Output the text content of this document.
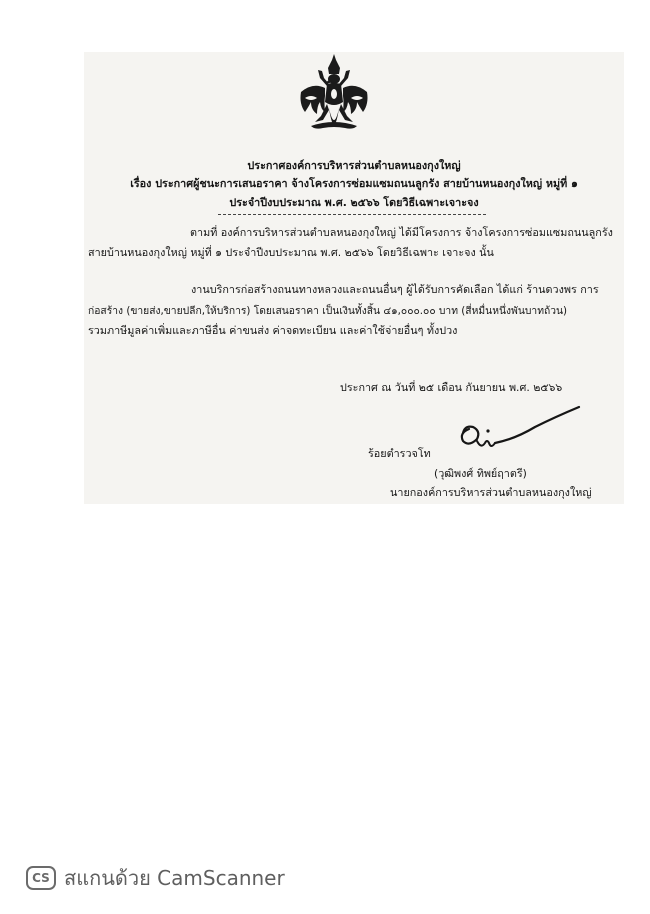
ประกาศองค์การบริหารส่วนตำบลหนองกุงใหญ่
เรื่อง ประกาศผู้ชนะการเสนอราคา จ้างโครงการซ่อมแซมถนนลูกรัง สายบ้านหนองกุงใหญ่ หมู่ที่ ๑
ประจำปีงบประมาณ พ.ศ. ๒๕๖๖ โดยวิธีเฉพาะเจาะจง
ตามที่ องค์การบริหารส่วนตำบลหนองกุงใหญ่ ได้มีโครงการ จ้างโครงการซ่อมแซมถนนลูกรัง
สายบ้านหนองกุงใหญ่ หมู่ที่ ๑ ประจำปีงบประมาณ พ.ศ. ๒๕๖๖ โดยวิธีเฉพาะ เจาะจง นั้น
งานบริการก่อสร้างถนนทางหลวงและถนนอื่นๆ ผู้ได้รับการคัดเลือก ได้แก่ ร้านดวงพร การ
ก่อสร้าง (ขายส่ง,ขายปลีก,ให้บริการ) โดยเสนอราคา เป็นเงินทั้งสิ้น ๔๑,๐๐๐.๐๐ บาท (สี่หมื่นหนึ่งพันบาทถ้วน)
รวมภาษีมูลค่าเพิ่มและภาษีอื่น ค่าขนส่ง ค่าจดทะเบียน และค่าใช้จ่ายอื่นๆ ทั้งปวง
ประกาศ ณ วันที่ ๒๕ เดือน กันยายน พ.ศ. ๒๕๖๖
ร้อยตำรวจโท
(วุฒิพงศ์ ทิพย์ฤาตรี)
นายกองค์การบริหารส่วนตำบลหนองกุงใหญ่
CS สแกนด้วย CamScanner
